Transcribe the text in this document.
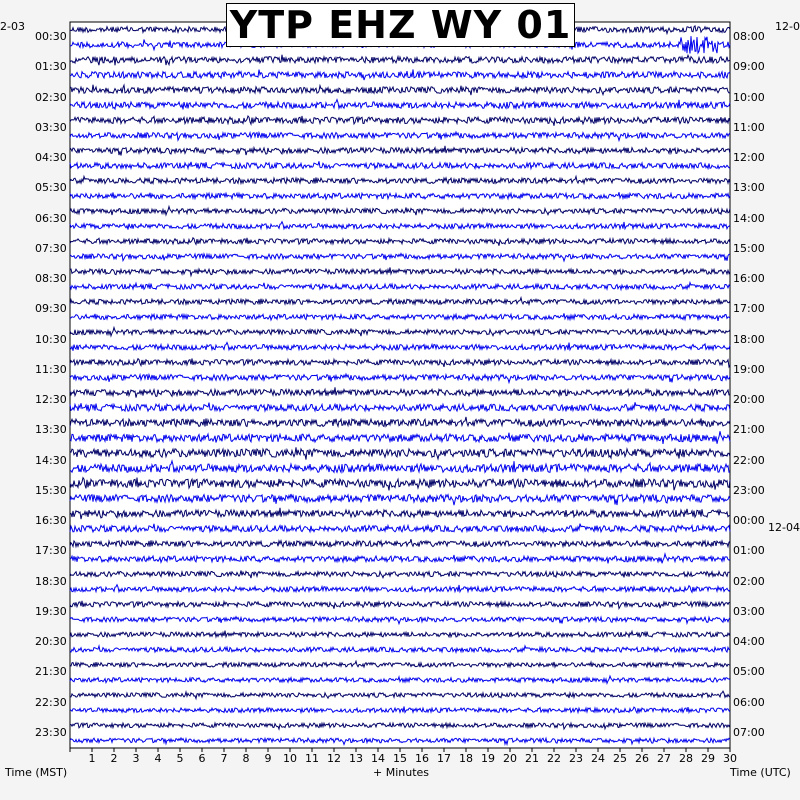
YTP EHZ WY 01
2-03	12-0
12-04
Time (MST)	+ Minutes	Time (UTC)
1 2 3 4 5 6 7 8 9 10 11 12 13 14 15 16 17 18 19 20 21 22 23 24 25 26 27 28 29 30
00:30
01:30
02:30
03:30
04:30
05:30
06:30
07:30
08:30
09:30
10:30
11:30
12:30
13:30
14:30
15:30
16:30
17:30
18:30
19:30
20:30
21:30
22:30
23:30
08:00
09:00
10:00
11:00
12:00
13:00
14:00
15:00
16:00
17:00
18:00
19:00
20:00
21:00
22:00
23:00
00:00
01:00
02:00
03:00
04:00
05:00
06:00
07:00
